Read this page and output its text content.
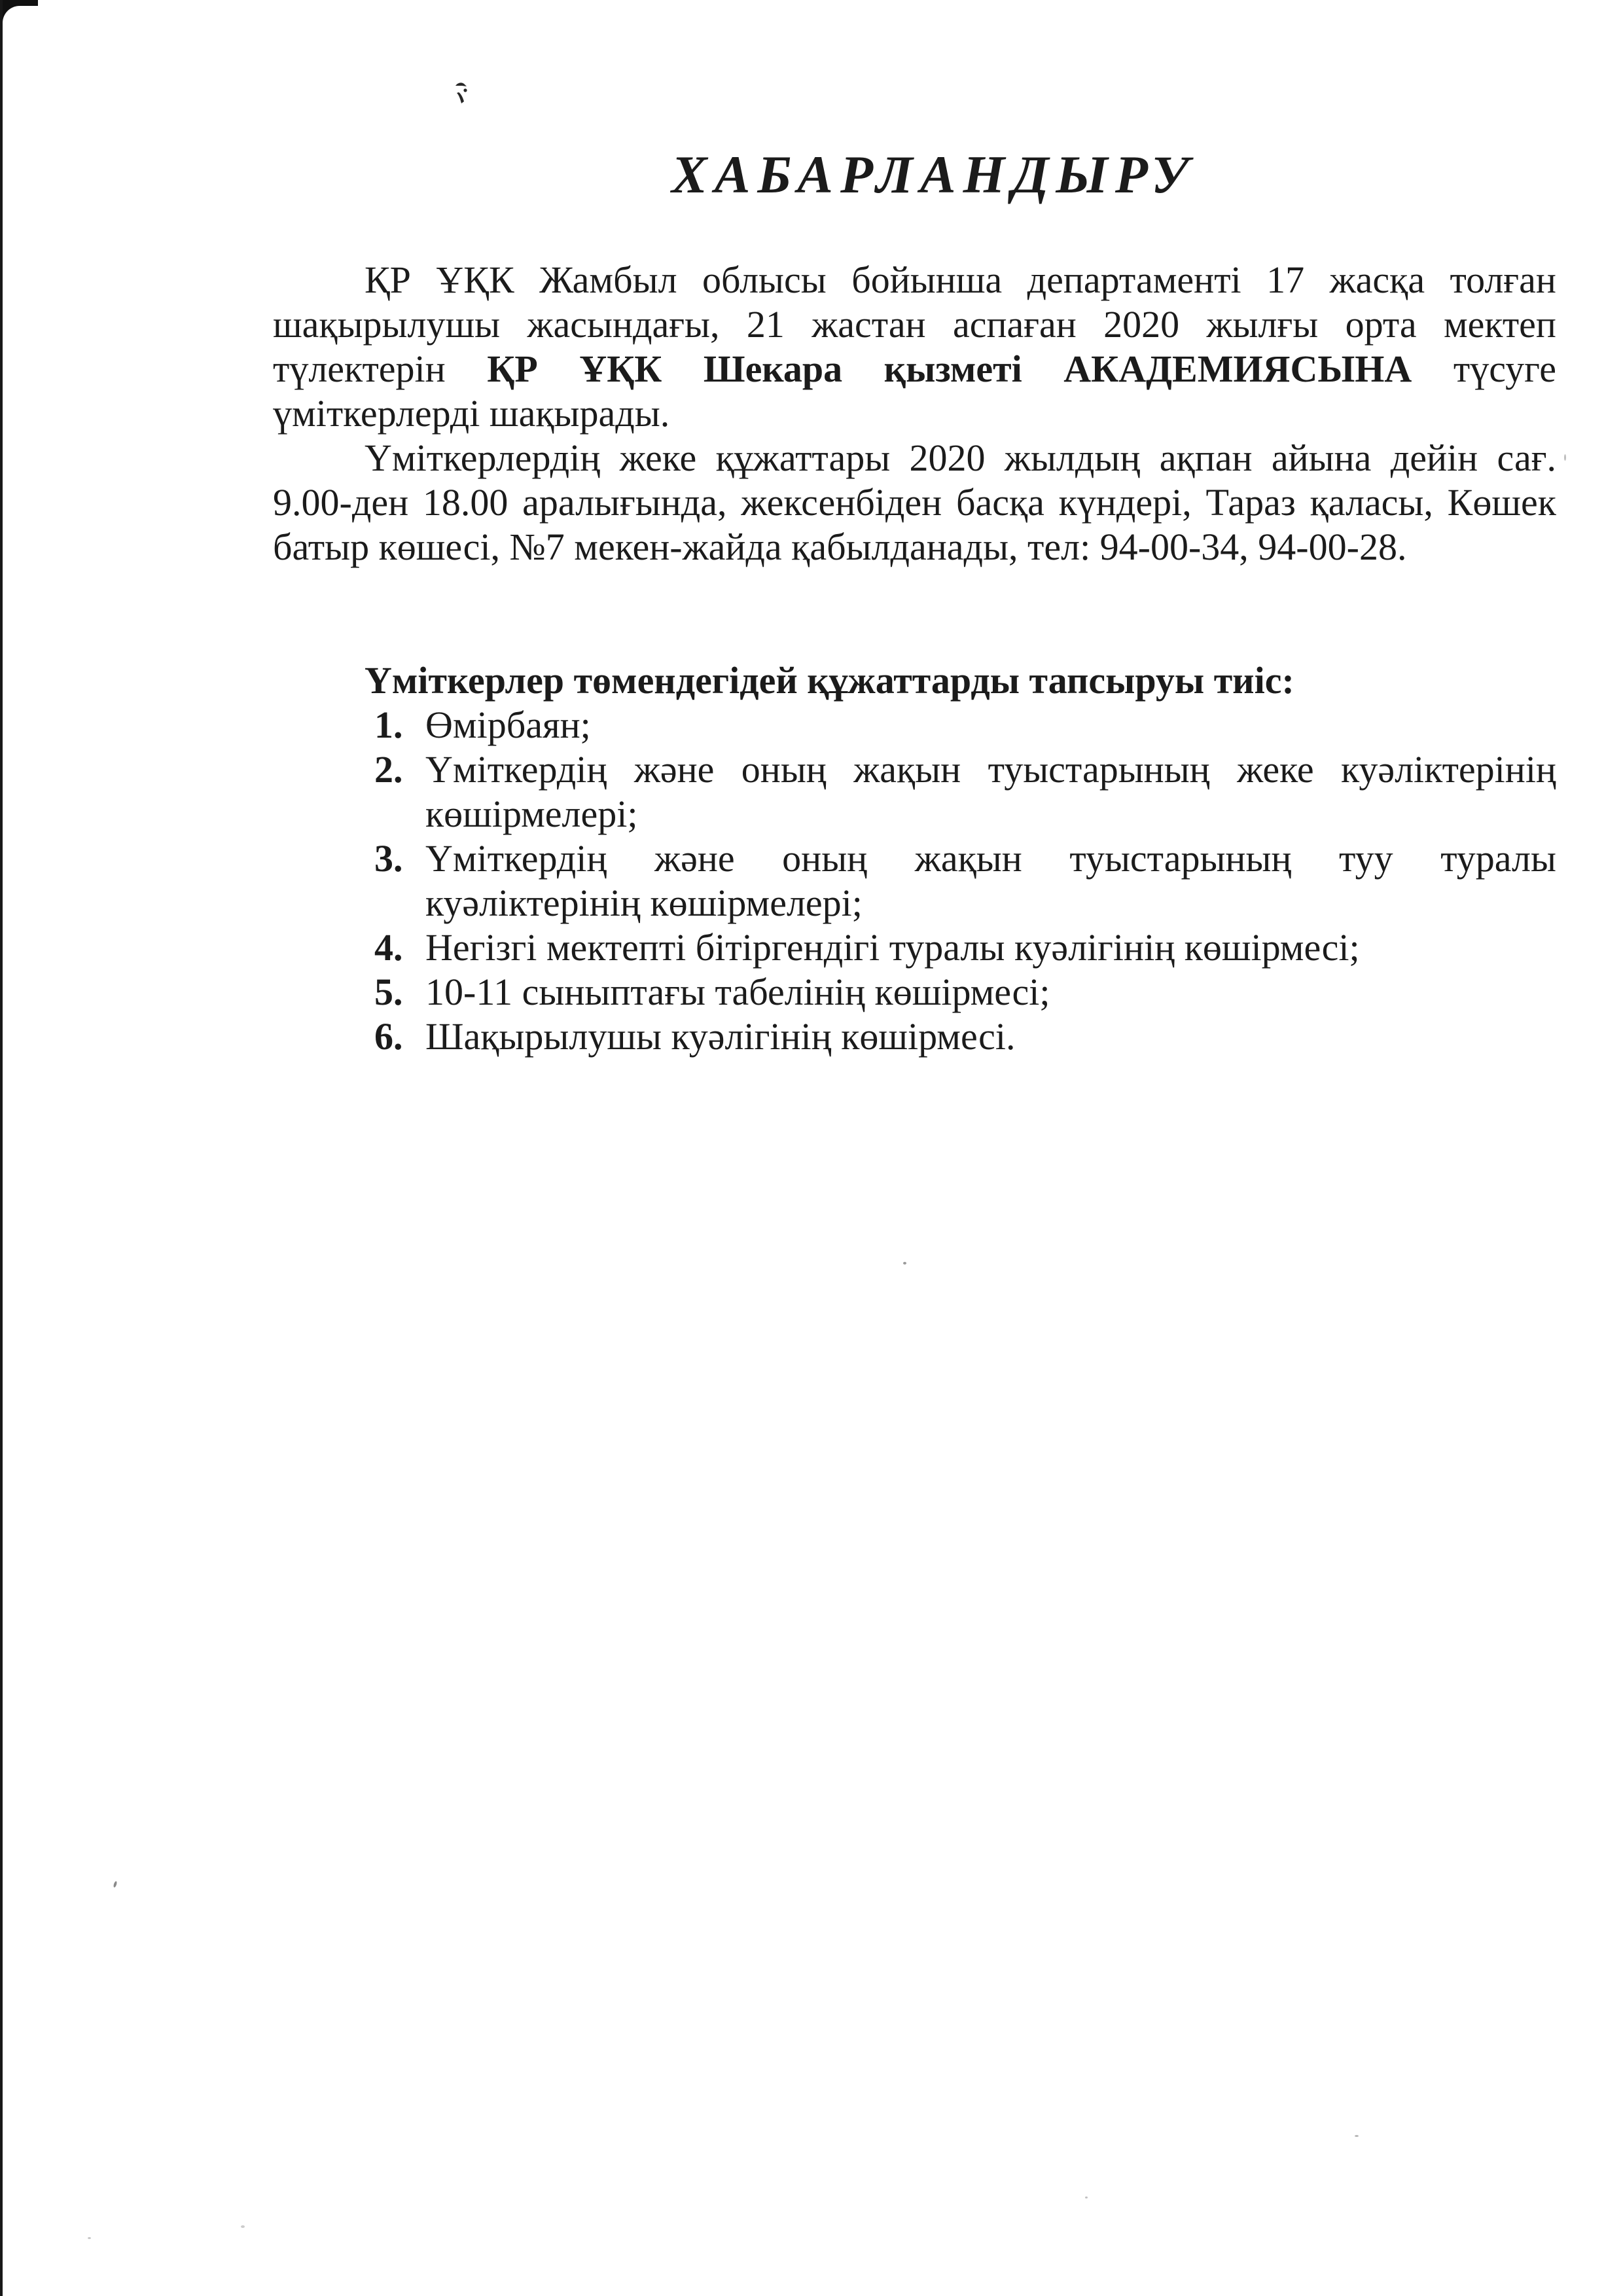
ХАБАРЛАНДЫРУ
ҚР ҰҚК Жамбыл облысы бойынша департаменті 17 жасқа толған
шақырылушы жасындағы, 21 жастан аспаған 2020 жылғы орта мектеп
түлектерін ҚР ҰҚК Шекара қызметі АКАДЕМИЯСЫНА түсуге
үміткерлерді шақырады.
Үміткерлердің жеке құжаттары 2020 жылдың ақпан айына дейін сағ.
9.00-ден 18.00 аралығында, жексенбіден басқа күндері, Тараз қаласы, Көшек
батыр көшесі, №7 мекен-жайда қабылданады, тел: 94-00-34, 94-00-28.
Үміткерлер төмендегідей құжаттарды тапсыруы тиіс:
1. Өмірбаян;
2. Үміткердің және оның жақын туыстарының жеке куәліктерінің
көшірмелері;
3. Үміткердің және оның жақын туыстарының туу туралы
куәліктерінің көшірмелері;
4. Негізгі мектепті бітіргендігі туралы куәлігінің көшірмесі;
5. 10-11 сыныптағы табелінің көшірмесі;
6. Шақырылушы куәлігінің көшірмесі.
